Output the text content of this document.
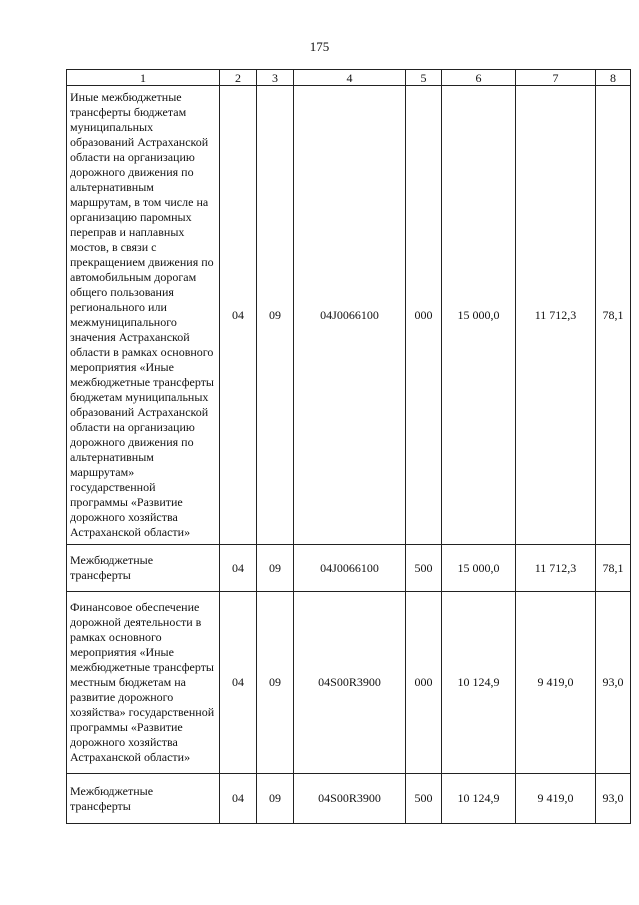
175
1	2	3	4	5	6	7	8
Иные межбюджетные трансферты бюджетам муниципальных образований Астраханской области на организацию дорожного движения по альтернативным маршрутам, в том числе на организацию паромных переправ и наплавных мостов, в связи с прекращением движения по автомобильным дорогам общего пользования регионального или межмуниципального значения Астраханской области в рамках основного мероприятия «Иные межбюджетные трансферты бюджетам муниципальных образований Астраханской области на организацию дорожного движения по альтернативным маршрутам» государственной программы «Развитие дорожного хозяйства Астраханской области»	04	09	04J0066100	000	15 000,0	11 712,3	78,1
Межбюджетные трансферты	04	09	04J0066100	500	15 000,0	11 712,3	78,1
Финансовое обеспечение дорожной деятельности в рамках основного мероприятия «Иные межбюджетные трансферты местным бюджетам на развитие дорожного хозяйства» государственной программы «Развитие дорожного хозяйства Астраханской области»	04	09	04S00R3900	000	10 124,9	9 419,0	93,0
Межбюджетные трансферты	04	09	04S00R3900	500	10 124,9	9 419,0	93,0
